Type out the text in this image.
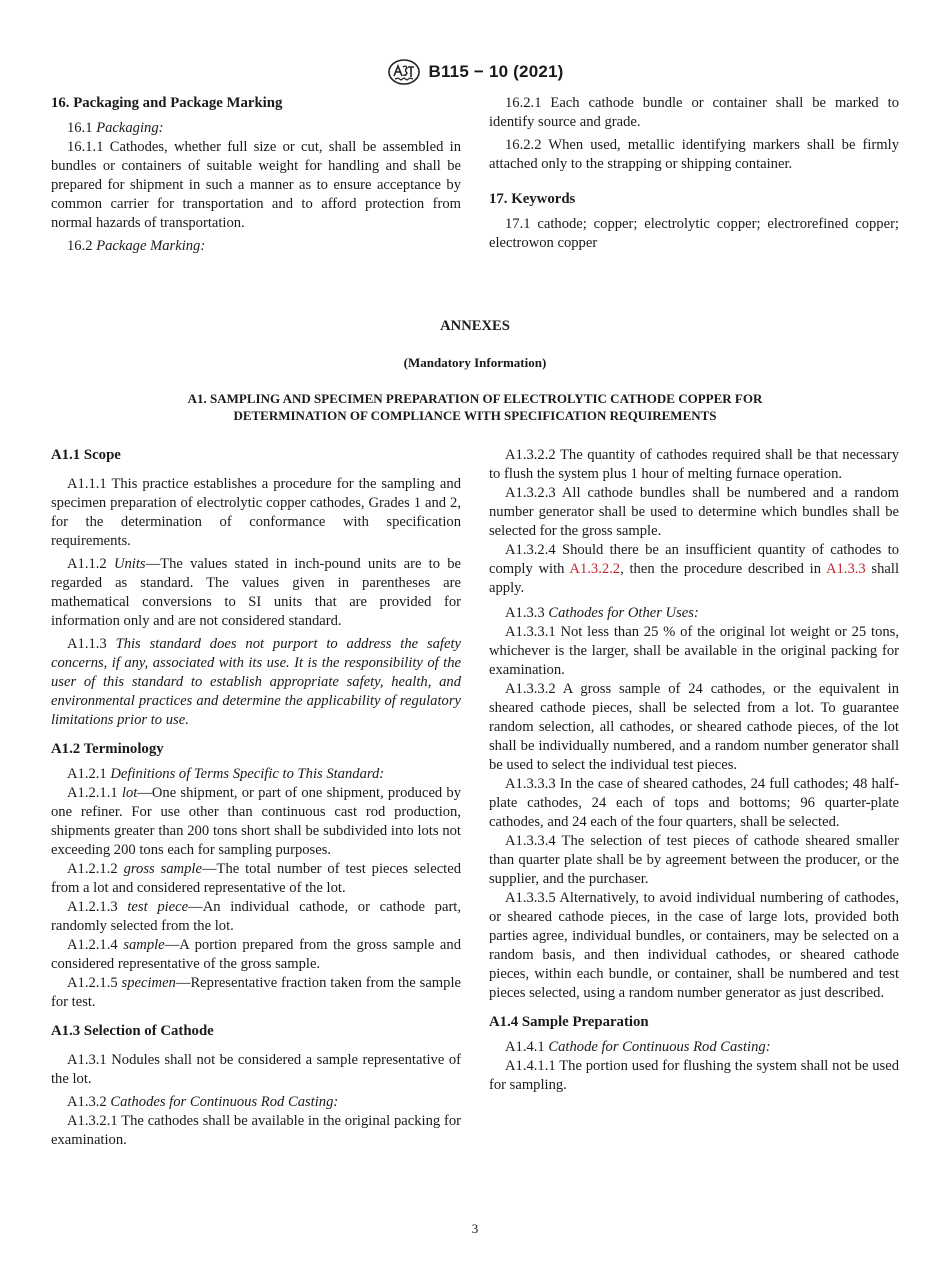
B115 − 10 (2021)
16. Packaging and Package Marking

16.1 Packaging:

16.1.1 Cathodes, whether full size or cut, shall be assembled in bundles or containers of suitable weight for handling and shall be prepared for shipment in such a manner as to ensure acceptance by common carrier for transportation and to afford protection from normal hazards of transportation.

16.2 Package Marking:

16.2.1 Each cathode bundle or container shall be marked to identify source and grade.

16.2.2 When used, metallic identifying markers shall be firmly attached only to the strapping or shipping container.

17. Keywords

17.1 cathode; copper; electrolytic copper; electrorefined copper; electrowon copper

ANNEXES
(Mandatory Information)
A1. SAMPLING AND SPECIMEN PREPARATION OF ELECTROLYTIC CATHODE COPPER FOR
DETERMINATION OF COMPLIANCE WITH SPECIFICATION REQUIREMENTS
A1.1 Scope

A1.1.1 This practice establishes a procedure for the sampling and specimen preparation of electrolytic copper cathodes, Grades 1 and 2, for the determination of conformance with specification requirements.

A1.1.2 Units—The values stated in inch-pound units are to be regarded as standard. The values given in parentheses are mathematical conversions to SI units that are provided for information only and are not considered standard.

A1.1.3 This standard does not purport to address the safety concerns, if any, associated with its use. It is the responsibility of the user of this standard to establish appropriate safety, health, and environmental practices and determine the applicability of regulatory limitations prior to use.

A1.2 Terminology

A1.2.1 Definitions of Terms Specific to This Standard:

A1.2.1.1 lot—One shipment, or part of one shipment, produced by one refiner. For use other than continuous cast rod production, shipments greater than 200 tons short shall be subdivided into lots not exceeding 200 tons each for sampling purposes.

A1.2.1.2 gross sample—The total number of test pieces selected from a lot and considered representative of the lot.

A1.2.1.3 test piece—An individual cathode, or cathode part, randomly selected from the lot.

A1.2.1.4 sample—A portion prepared from the gross sample and considered representative of the gross sample.

A1.2.1.5 specimen—Representative fraction taken from the sample for test.

A1.3 Selection of Cathode

A1.3.1 Nodules shall not be considered a sample representative of the lot.

A1.3.2 Cathodes for Continuous Rod Casting:

A1.3.2.1 The cathodes shall be available in the original packing for examination.

A1.3.2.2 The quantity of cathodes required shall be that necessary to flush the system plus 1 hour of melting furnace operation.

A1.3.2.3 All cathode bundles shall be numbered and a random number generator shall be used to determine which bundles shall be selected for the gross sample.

A1.3.2.4 Should there be an insufficient quantity of cathodes to comply with A1.3.2.2, then the procedure described in A1.3.3 shall apply.

A1.3.3 Cathodes for Other Uses:

A1.3.3.1 Not less than 25 % of the original lot weight or 25 tons, whichever is the larger, shall be available in the original packing for examination.

A1.3.3.2 A gross sample of 24 cathodes, or the equivalent in sheared cathode pieces, shall be selected from a lot. To guarantee random selection, all cathodes, or sheared cathode pieces, of the lot shall be individually numbered, and a random number generator shall be used to select the individual test pieces.

A1.3.3.3 In the case of sheared cathodes, 24 full cathodes; 48 half-plate cathodes, 24 each of tops and bottoms; 96 quarter-plate cathodes, and 24 each of the four quarters, shall be selected.

A1.3.3.4 The selection of test pieces of cathode sheared smaller than quarter plate shall be by agreement between the producer, or the supplier, and the purchaser.

A1.3.3.5 Alternatively, to avoid individual numbering of cathodes, or sheared cathode pieces, in the case of large lots, provided both parties agree, individual bundles, or containers, may be selected on a random basis, and then individual cathodes, or sheared cathode pieces, within each bundle, or container, shall be numbered and test pieces selected, using a random number generator as just described.

A1.4 Sample Preparation

A1.4.1 Cathode for Continuous Rod Casting:

A1.4.1.1 The portion used for flushing the system shall not be used for sampling.

3
